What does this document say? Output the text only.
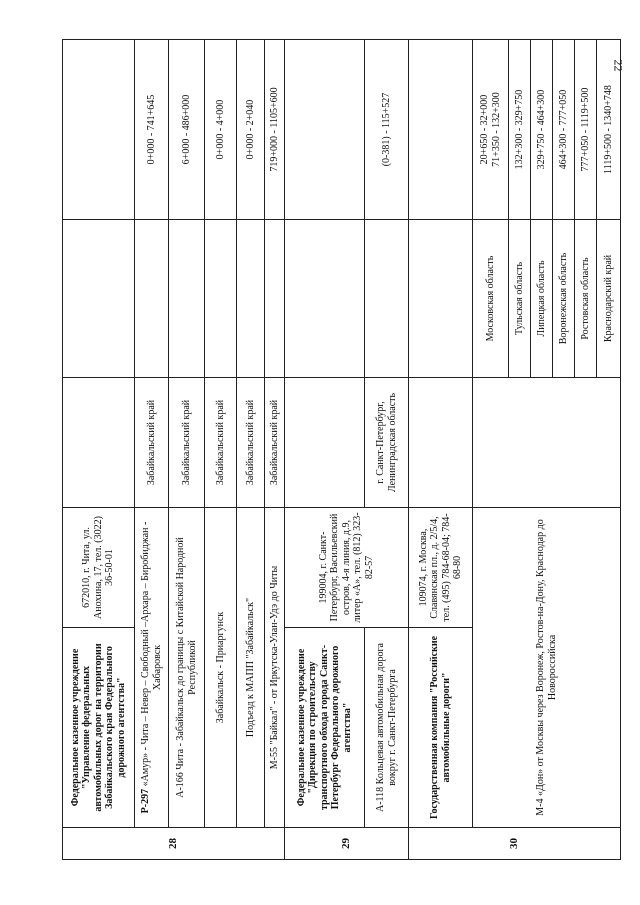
22
28	Федеральное казенное учреждение "Управление федеральных автомобильных дорог на территории Забайкальского края Федерального дорожного агентства"	672010, г. Чита, ул. Анохина, 17, тел. (3022) 36-50-01			
	Р-297 «Амур» - Чита – Невер – Свободный –Архара – Биробиджан - Хабаровск		Забайкальский край		0+000 - 741+645
	А-166 Чита - Забайкальск до границы с Китайской Народной Республикой		Забайкальский край		6+000 - 486+000
	Забайкальск - Приаргунск		Забайкальский край		0+000 - 4+000
	Подъезд к МАПП "Забайкальск"		Забайкальский край		0+000 - 2+040
	М-55 "Байкал" - от Иркутска-Улан-Удэ до Читы		Забайкальский край		719+000 - 1105+600
29	Федеральное казенное учреждение "Дирекция по строительству транспортного обхода города Санкт-Петербург Федерального дорожного агентства"	199004, г. Санкт-Петербург, Васильевский остров, 4-я линия, д.9, литер «А», тел. (812) 323-82-57			
	А-118 Кольцевая автомобильная дорога вокруг г. Санкт-Петербурга		г. Санкт-Петербург, Ленинградская область		(0-381) - 115+527
30	Государственная компания "Российские автомобильные дороги"	109074, г. Москва, Славянская пл., д. 2/5/4, тел. (495) 784-68-04; 784-68-80			
	М-4 «Дон» от Москвы через Воронеж, Ростов-на-Дону, Краснодар до Новороссийска			Московская область	20+650 - 32+000 71+350 - 132+300

				Тульская область	132+300 - 329+750
				Липецкая область	329+750 - 464+300
				Воронежская область	464+300 - 777+050
				Ростовская область	777+050 - 1119+500
				Краснодарский край	1119+500 - 1340+748
